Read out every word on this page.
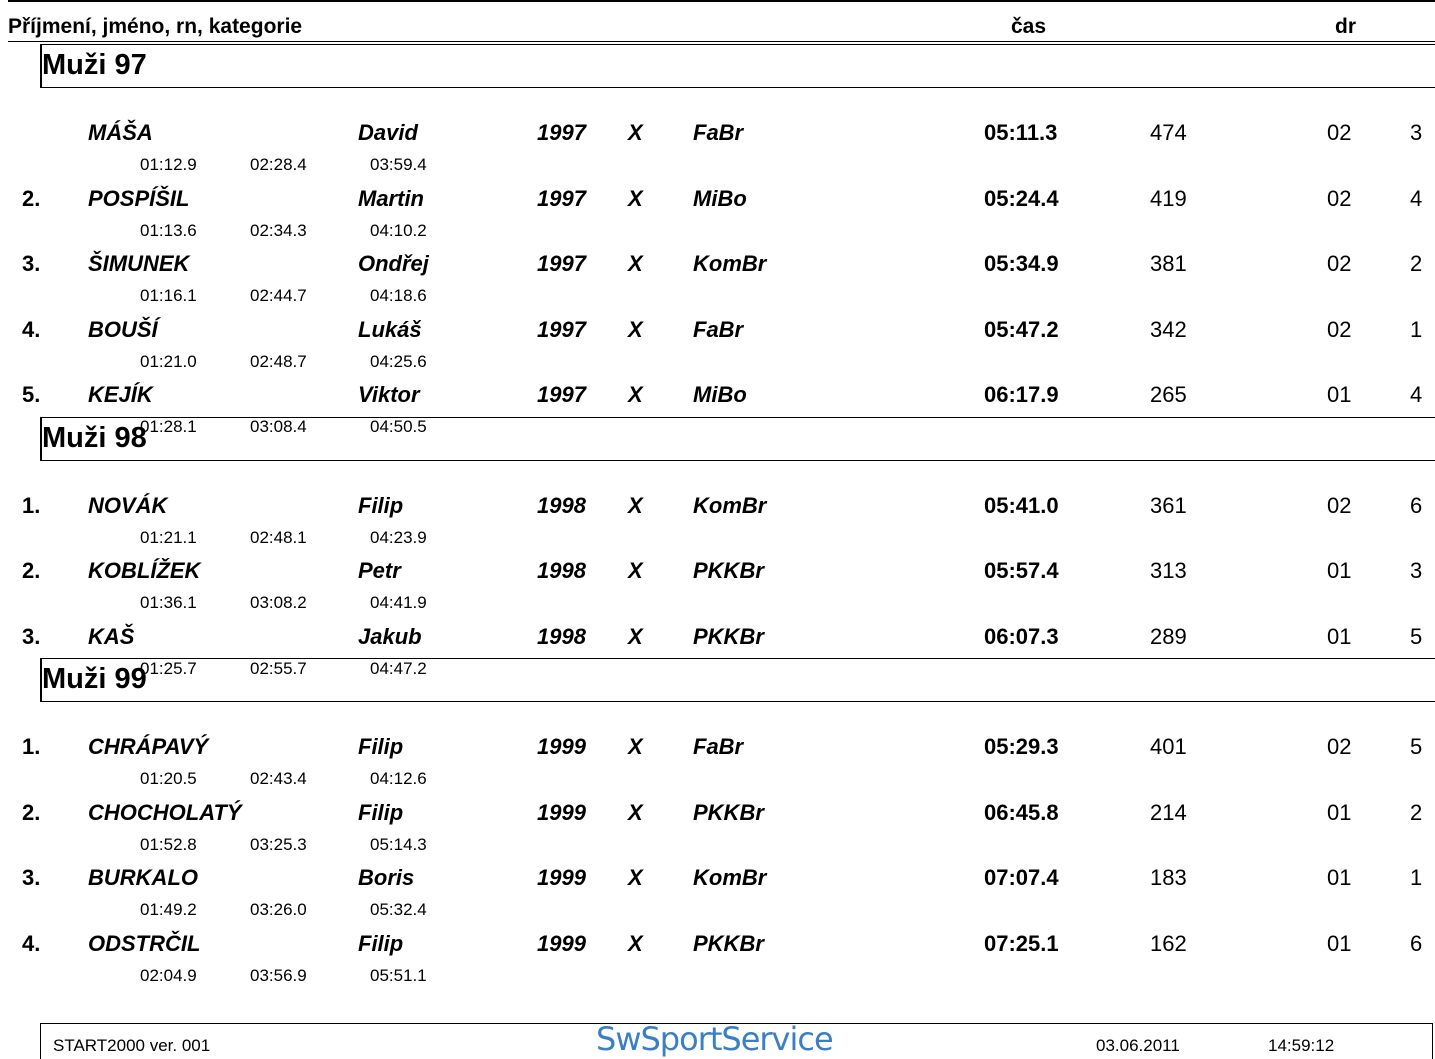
Příjmení, jméno, rn, kategorie	čas	dr
Muži 97
MÁŠA	David	1997 X FaBr	05:11.3	474	02	3
01:12.9	02:28.4	03:59.4
2. POSPÍŠIL	Martin	1997 X MiBo	05:24.4	419	02	4
01:13.6	02:34.3	04:10.2
3. ŠIMUNEK	Ondřej	1997 X KomBr	05:34.9	381	02	2
01:16.1	02:44.7	04:18.6
4. BOUŠÍ	Lukáš	1997 X FaBr	05:47.2	342	02	1
01:21.0	02:48.7	04:25.6
5. KEJÍK	Viktor	1997 X MiBo	06:17.9	265	01	4
01:28.1	03:08.4	04:50.5
Muži 98
1. NOVÁK	Filip	1998 X KomBr	05:41.0	361	02	6
01:21.1	02:48.1	04:23.9
2. KOBLÍŽEK	Petr	1998 X PKKBr	05:57.4	313	01	3
01:36.1	03:08.2	04:41.9
3. KAŠ	Jakub	1998 X PKKBr	06:07.3	289	01	5
01:25.7	02:55.7	04:47.2
Muži 99
1. CHRÁPAVÝ	Filip	1999 X FaBr	05:29.3	401	02	5
01:20.5	02:43.4	04:12.6
2. CHOCHOLATÝ	Filip	1999 X PKKBr	06:45.8	214	01	2
01:52.8	03:25.3	05:14.3
3. BURKALO	Boris	1999 X KomBr	07:07.4	183	01	1
01:49.2	03:26.0	05:32.4
4. ODSTRČIL	Filip	1999 X PKKBr	07:25.1	162	01	6
02:04.9	03:56.9	05:51.1
START2000 ver. 001	SwSportService	03.06.2011	14:59:12
